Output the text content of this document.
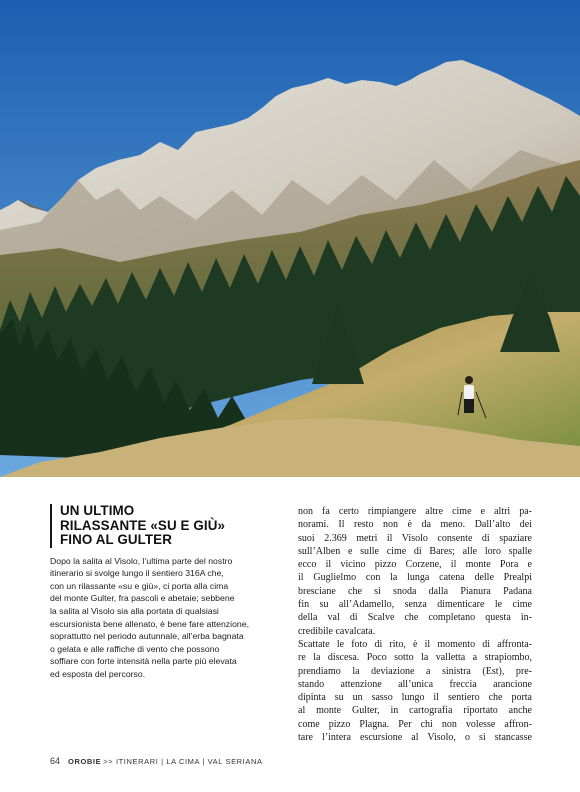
UN ULTIMO
RILASSANTE «SU E GIÙ»
FINO AL GULTER

Dopo la salita al Visolo, l’ultima parte del nostro
itinerario si svolge lungo il sentiero 316A che,
con un rilassante «su e giù», ci porta alla cima
del monte Gulter, fra pascoli e abetaie; sebbene
la salita al Visolo sia alla portata di qualsiasi
escursionista bene allenato, è bene fare attenzione,
soprattutto nel periodo autunnale, all’erba bagnata
o gelata e alle raffiche di vento che possono
soffiare con forte intensità nella parte più elevata
ed esposta del percorso.

non fa certo rimpiangere altre cime e altri pa-
norami. Il resto non è da meno. Dall’alto dei
suoi 2.369 metri il Visolo consente di spaziare
sull’Alben e sulle cime di Bares; alle loro spalle
ecco il vicino pizzo Corzene, il monte Pora e
il Guglielmo con la lunga catena delle Prealpi
bresciane che si snoda dalla Pianura Padana
fin su all’Adamello, senza dimenticare le cime
della val di Scalve che completano questa in-
credibile cavalcata.
Scattate le foto di rito, è il momento di affronta-
re la discesa. Poco sotto la valletta a strapiombo,
prendiamo la deviazione a sinistra (Est), pre-
stando attenzione all’unica freccia arancione
dipinta su un sasso lungo il sentiero che porta
al monte Gulter, in cartografia riportato anche
come pizzo Plagna. Per chi non volesse affron-
tare l’intera escursione al Visolo, o si stancasse

64 OROBIE >> ITINERARI | LA CIMA | VAL SERIANA
